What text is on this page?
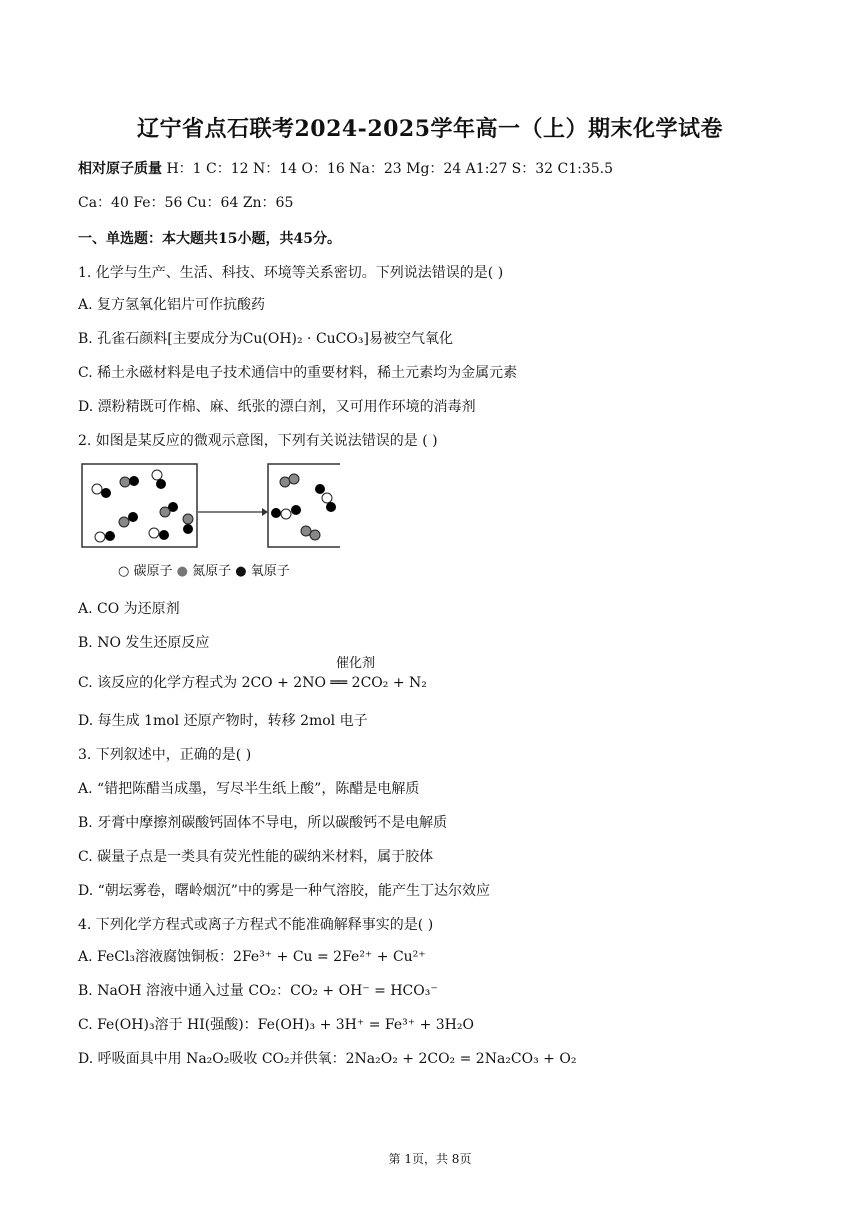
辽宁省点石联考2024-2025学年高一（上）期末化学试卷
相对原子质量 H：1 C：12 N：14 O：16 Na：23 Mg：24 A1:27 S：32 C1:35.5
Ca：40 Fe：56 Cu：64 Zn：65
一、单选题：本大题共15小题，共45分。
1. 化学与生产、生活、科技、环境等关系密切。下列说法错误的是( )
A. 复方氢氧化铝片可作抗酸药
B. 孔雀石颜料[主要成分为Cu(OH)₂ · CuCO₃]易被空气氧化
C. 稀土永磁材料是电子技术通信中的重要材料，稀土元素均为金属元素
D. 漂粉精既可作棉、麻、纸张的漂白剂，又可用作环境的消毒剂
2. 如图是某反应的微观示意图，下列有关说法错误的是 ( )
○ 碳原子 ● 氮原子 ● 氧原子
A. CO 为还原剂
B. NO 发生还原反应
催化剂
C. 该反应的化学方程式为 2CO + 2NO ══ 2CO₂ + N₂
D. 每生成 1mol 还原产物时，转移 2mol 电子
3. 下列叙述中，正确的是( )
A. “错把陈醋当成墨，写尽半生纸上酸”，陈醋是电解质
B. 牙膏中摩擦剂碳酸钙固体不导电，所以碳酸钙不是电解质
C. 碳量子点是一类具有荧光性能的碳纳米材料，属于胶体
D. “朝坛雾卷，曙岭烟沉”中的雾是一种气溶胶，能产生丁达尔效应
4. 下列化学方程式或离子方程式不能准确解释事实的是( )
A. FeCl₃溶液腐蚀铜板：2Fe³⁺ + Cu = 2Fe²⁺ + Cu²⁺
B. NaOH 溶液中通入过量 CO₂：CO₂ + OH⁻ = HCO₃⁻
C. Fe(OH)₃溶于 HI(强酸)：Fe(OH)₃ + 3H⁺ = Fe³⁺ + 3H₂O
D. 呼吸面具中用 Na₂O₂吸收 CO₂并供氧：2Na₂O₂ + 2CO₂ = 2Na₂CO₃ + O₂
第 1页，共 8页
